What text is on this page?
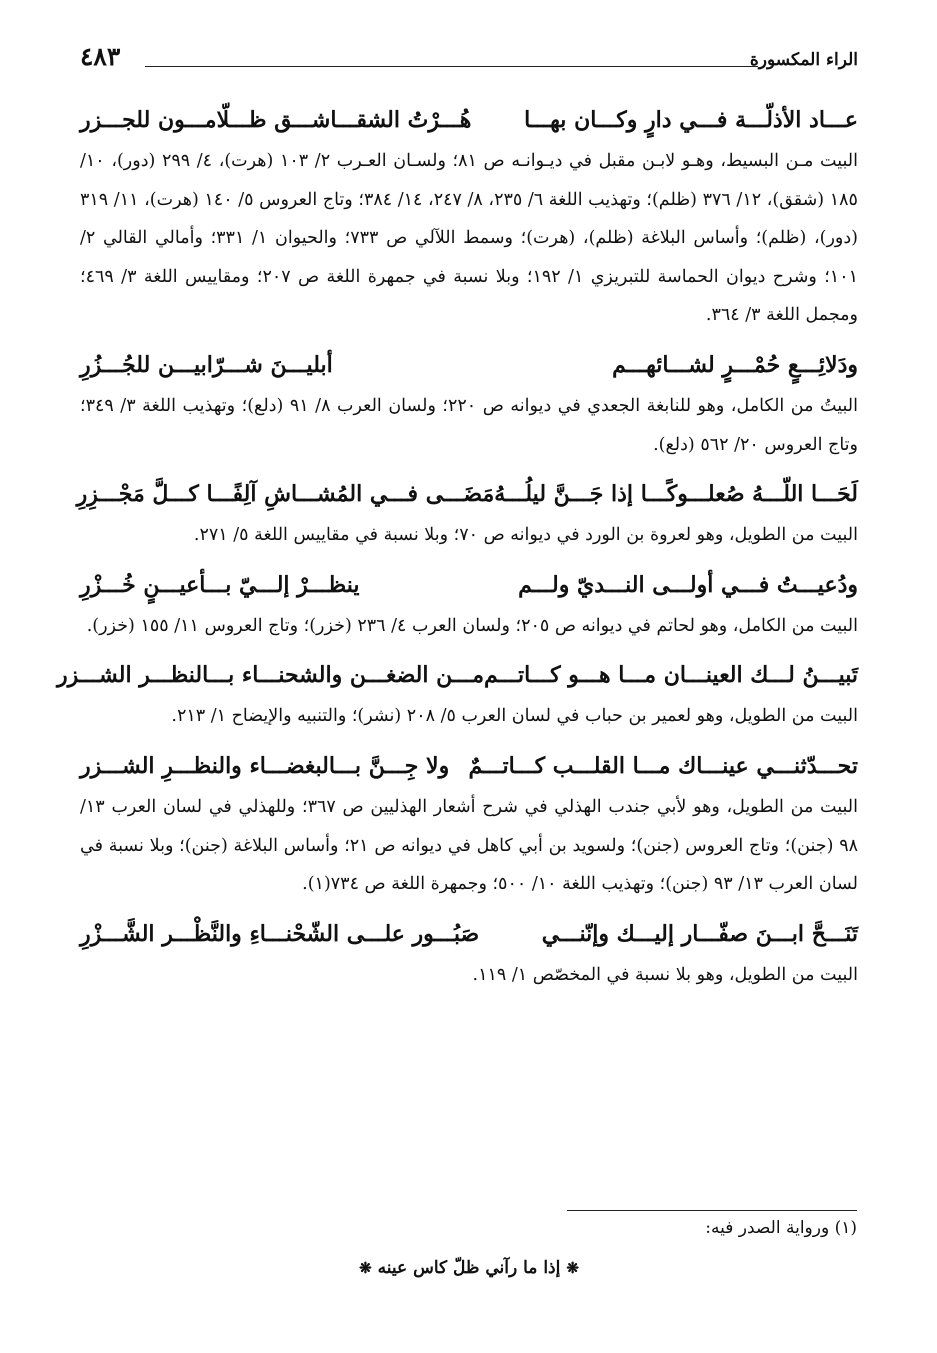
الراء المكسورة
٤٨٣
عـــاد الأذلّـــة فـــي دارٍ وكـــان بهـــا
هُـــرْتُ الشقـــاشـــق ظـــلّامـــون للجـــزر

البيت مـن البسيط، وهـو لابـن مقبل في ديـوانـه ص ٨١؛ ولسـان العـرب ٢/ ١٠٣ (هرت)، ٤/ ٢٩٩ (دور)، ١٠/ ١٨٥ (شقق)، ١٢/ ٣٧٦ (ظلم)؛ وتهذيب اللغة ٦/ ٢٣٥، ٨/ ٢٤٧، ١٤/ ٣٨٤؛ وتاج العروس ٥/ ١٤٠ (هرت)، ١١/ ٣١٩ (دور)، (ظلم)؛ وأساس البلاغة (ظلم)، (هرت)؛ وسمط اللآلي ص ٧٣٣؛ والحيوان ١/ ٣٣١؛ وأمالي القالي ٢/ ١٠١؛ وشرح ديوان الحماسة للتبريزي ١/ ١٩٢؛ وبلا نسبة في جمهرة اللغة ص ٢٠٧؛ ومقاييس اللغة ٣/ ٤٦٩؛ ومجمل اللغة ٣/ ٣٦٤.

ودَلائِـــعٍ حُمْـــرٍ لشـــائهـــم
أبليـــنَ شـــرّابيـــن للجُـــزُرِ

البيتُ من الكامل، وهو للنابغة الجعدي في ديوانه ص ٢٢٠؛ ولسان العرب ٨/ ٩١ (دلع)؛ وتهذيب اللغة ٣/ ٣٤٩؛ وتاج العروس ٢٠/ ٥٦٢ (دلع).

لَحَـــا اللّـــهُ صُعلـــوكًـــا إذا جَـــنَّ ليلُـــهُ
مَضَـــى فـــي المُشـــاشِ آلِفًـــا كـــلَّ مَجْـــزِرِ

البيت من الطويل، وهو لعروة بن الورد في ديوانه ص ٧٠؛ وبلا نسبة في مقاييس اللغة ٥/ ٢٧١.

ودُعيـــتُ فـــي أولـــى النـــديّ ولـــم
ينظـــرْ إلـــيّ بـــأعيـــنٍ خُـــزْرِ

البيت من الكامل، وهو لحاتم في ديوانه ص ٢٠٥؛ ولسان العرب ٤/ ٢٣٦ (خزر)؛ وتاج العروس ١١/ ١٥٥ (خزر).

تَبيـــنُ لـــك العينـــان مـــا هـــو كـــاتـــم
مـــن الضغـــن والشحنـــاء بـــالنظـــر الشـــزر

البيت من الطويل، وهو لعمير بن حباب في لسان العرب ٥/ ٢٠٨ (نشر)؛ والتنبيه والإيضاح ١/ ٢١٣.

تحـــدّثنـــي عينـــاك مـــا القلـــب كـــاتـــمٌ
ولا جِـــنَّ بـــالبغضـــاء والنظـــرِ الشـــزر

البيت من الطويل، وهو لأبي جندب الهذلي في شرح أشعار الهذليين ص ٣٦٧؛ وللهذلي في لسان العرب ١٣/ ٩٨ (جنن)؛ وتاج العروس (جنن)؛ ولسويد بن أبي كاهل في ديوانه ص ٢١؛ وأساس البلاغة (جنن)؛ وبلا نسبة في لسان العرب ١٣/ ٩٣ (جنن)؛ وتهذيب اللغة ١٠/ ٥٠٠؛ وجمهرة اللغة ص ٧٣٤(١).

تَنَـــحَّ ابـــنَ صفّـــار إليـــك وإنّنـــي
صَبُـــور علـــى الشّحْنـــاءِ والنَّظْـــر الشَّـــزْرِ

البيت من الطويل، وهو بلا نسبة في المخصّص ١/ ١١٩.

(١) ورواية الصدر فيه:
❋إذا ما رآني ظلّ كاس عينه❋
